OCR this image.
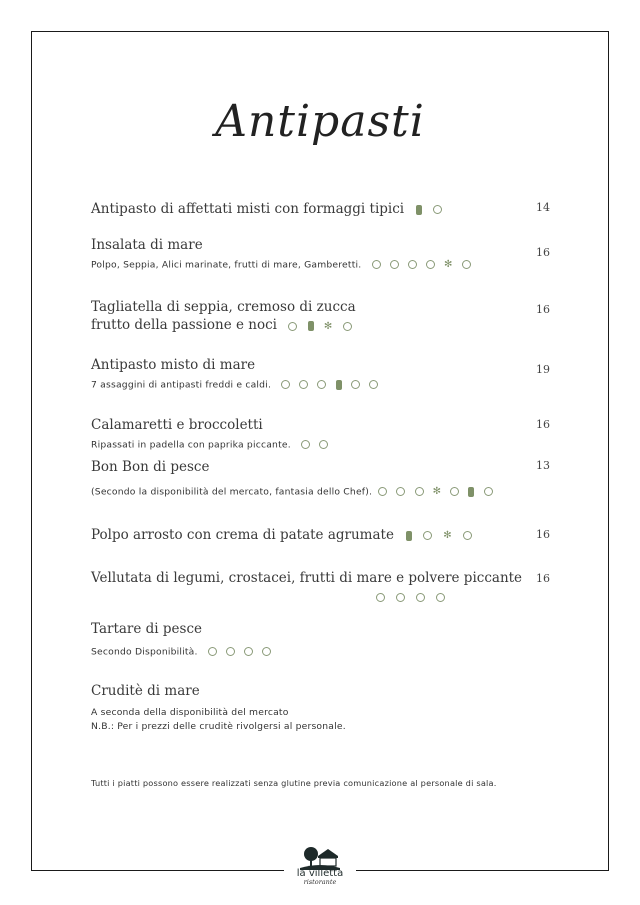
Antipasti
Antipasto di affettati misti con formaggi tipici	14
Insalata di mare
Polpo, Seppia, Alici marinate, frutti di mare, Gamberetti.	✻
16
Tagliatella di seppia, cremoso di zucca
frutto della passione e noci	✻
16
Antipasto misto di mare
7 assaggini di antipasti freddi e caldi.
19
Calamaretti e broccoletti
Ripassati in padella con paprika piccante.
16
Bon Bon di pesce
(Secondo la disponibilità del mercato, fantasia dello Chef).	✻
13
Polpo arrosto con crema di patate agrumate	✻	16
Vellutata di legumi, crostacei, frutti di mare e polvere piccante
	16
Tartare di pesce
Secondo Disponibilità.
Cruditè di mare
A seconda della disponibilità del mercato
N.B.: Per i prezzi delle cruditè rivolgersi al personale.
Tutti i piatti possono essere realizzati senza glutine previa comunicazione al personale di sala.
la villetta
ristorante
